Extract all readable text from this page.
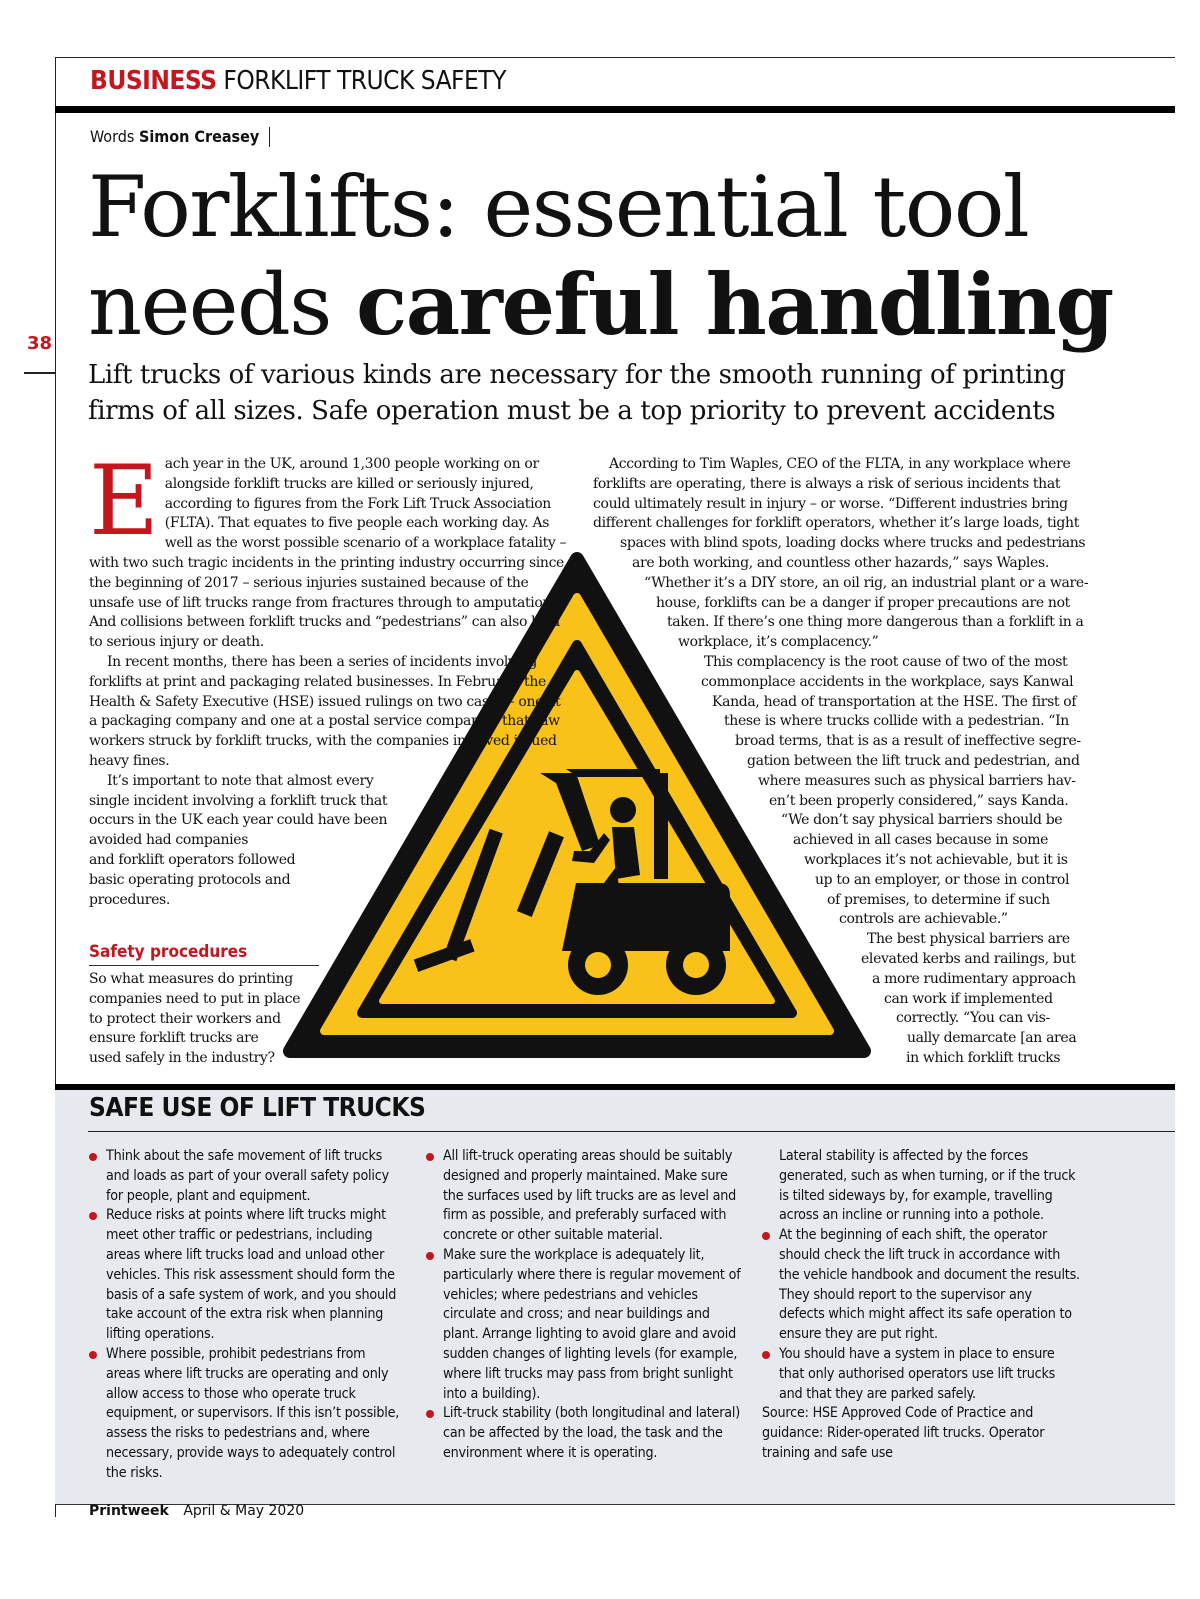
BUSINESS FORKLIFT TRUCK SAFETY
Words Simon Creasey
38
Forklifts: essential tool
needs careful handling
Lift trucks of various kinds are necessary for the smooth running of printing firms of all sizes. Safe operation must be a top priority to prevent accidents
E ach year in the UK, around 1,300 people working on or alongside forklift trucks are killed or seriously injured, according to figures from the Fork Lift Truck Association (FLTA). That equates to five people each working day. As well as the worst possible scenario of a workplace fatality – with two such tragic incidents in the printing industry occurring since the beginning of 2017 – serious injuries sustained because of the unsafe use of lift trucks range from fractures through to amputations. And collisions between forklift trucks and “pedestrians” can also lead to serious injury or death.

In recent months, there has been a series of incidents involving forklifts at print and packaging related businesses. In February, the Health & Safety Executive (HSE) issued rulings on two cases – one at a packaging company and one at a postal service company – that saw workers struck by forklift trucks, with the companies involved issued heavy fines.

It’s important to note that almost every
single incident involving a forklift truck that
occurs in the UK each year could have been
avoided had companies
and forklift operators followed
basic operating protocols and
procedures.

Safety procedures
So what measures do printing
companies need to put in place
to protect their workers and
ensure forklift trucks are
used safely in the industry?
According to Tim Waples, CEO of the FLTA, in any workplace where
forklifts are operating, there is always a risk of serious incidents that
could ultimately result in injury – or worse. “Different industries bring
different challenges for forklift operators, whether it’s large loads, tight
spaces with blind spots, loading docks where trucks and pedestrians
are both working, and countless other hazards,” says Waples.
“Whether it’s a DIY store, an oil rig, an industrial plant or a ware-
house, forklifts can be a danger if proper precautions are not
taken. If there’s one thing more dangerous than a forklift in a
workplace, it’s complacency.”
This complacency is the root cause of two of the most
commonplace accidents in the workplace, says Kanwal
Kanda, head of transportation at the HSE. The first of
these is where trucks collide with a pedestrian. “In
broad terms, that is as a result of ineffective segre-
gation between the lift truck and pedestrian, and
where measures such as physical barriers hav-
en’t been properly considered,” says Kanda.
“We don’t say physical barriers should be
achieved in all cases because in some
workplaces it’s not achievable, but it is
up to an employer, or those in control
of premises, to determine if such
controls are achievable.”
The best physical barriers are
elevated kerbs and railings, but
a more rudimentary approach
can work if implemented
correctly. “You can vis-
ually demarcate [an area
in which forklift trucks
SAFE USE OF LIFT TRUCKS
Think about the safe movement of lift trucks and loads as part of your overall safety policy for people, plant and equipment.
Reduce risks at points where lift trucks might meet other traffic or pedestrians, including areas where lift trucks load and unload other vehicles. This risk assessment should form the basis of a safe system of work, and you should take account of the extra risk when planning lifting operations.
Where possible, prohibit pedestrians from areas where lift trucks are operating and only allow access to those who operate truck equipment, or supervisors. If this isn’t possible, assess the risks to pedestrians and, where necessary, provide ways to adequately control the risks.
All lift-truck operating areas should be suitably designed and properly maintained. Make sure the surfaces used by lift trucks are as level and firm as possible, and preferably surfaced with concrete or other suitable material.
Make sure the workplace is adequately lit, particularly where there is regular movement of vehicles; where pedestrians and vehicles circulate and cross; and near buildings and plant. Arrange lighting to avoid glare and avoid sudden changes of lighting levels (for example, where lift trucks may pass from bright sunlight into a building).
Lift-truck stability (both longitudinal and lateral) can be affected by the load, the task and the environment where it is operating.
Lateral stability is affected by the forces generated, such as when turning, or if the truck is tilted sideways by, for example, travelling across an incline or running into a pothole.
At the beginning of each shift, the operator should check the lift truck in accordance with the vehicle handbook and document the results. They should report to the supervisor any defects which might affect its safe operation to ensure they are put right.
You should have a system in place to ensure that only authorised operators use lift trucks and that they are parked safely.
Source: HSE Approved Code of Practice and guidance: Rider-operated lift trucks. Operator training and safe use
Printweek April & May 2020
